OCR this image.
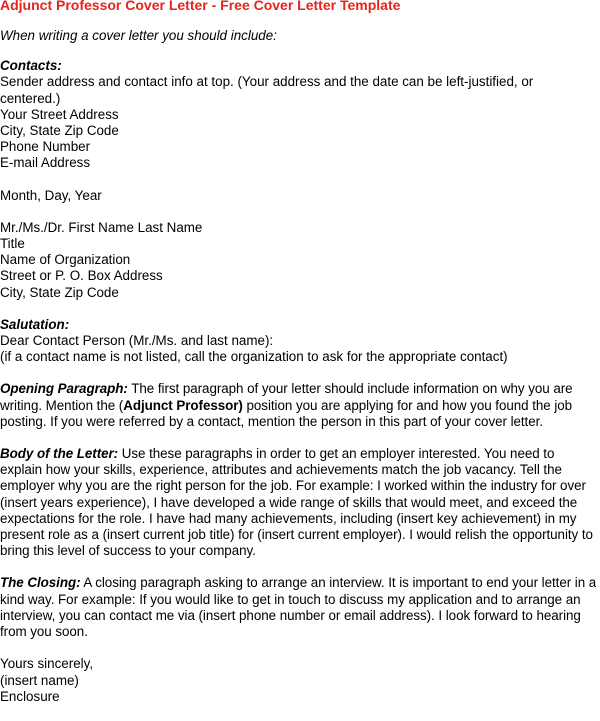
Adjunct Professor Cover Letter - Free Cover Letter Template
When writing a cover letter you should include:
Contacts:
Sender address and contact info at top. (Your address and the date can be left-justified, or
centered.)
Your Street Address
City, State Zip Code
Phone Number
E-mail Address
Month, Day, Year
Mr./Ms./Dr. First Name Last Name
Title
Name of Organization
Street or P. O. Box Address
City, State Zip Code
Salutation:
Dear Contact Person (Mr./Ms. and last name):
(if a contact name is not listed, call the organization to ask for the appropriate contact)
Opening Paragraph: The first paragraph of your letter should include information on why you are writing. Mention the (Adjunct Professor) position you are applying for and how you found the job posting. If you were referred by a contact, mention the person in this part of your cover letter.
Body of the Letter: Use these paragraphs in order to get an employer interested. You need to explain how your skills, experience, attributes and achievements match the job vacancy. Tell the employer why you are the right person for the job. For example: I worked within the industry for over (insert years experience), I have developed a wide range of skills that would meet, and exceed the expectations for the role. I have had many achievements, including (insert key achievement) in my present role as a (insert current job title) for (insert current employer). I would relish the opportunity to bring this level of success to your company.
The Closing: A closing paragraph asking to arrange an interview. It is important to end your letter in a kind way. For example: If you would like to get in touch to discuss my application and to arrange an interview, you can contact me via (insert phone number or email address). I look forward to hearing from you soon.
Yours sincerely,
(insert name)
Enclosure
